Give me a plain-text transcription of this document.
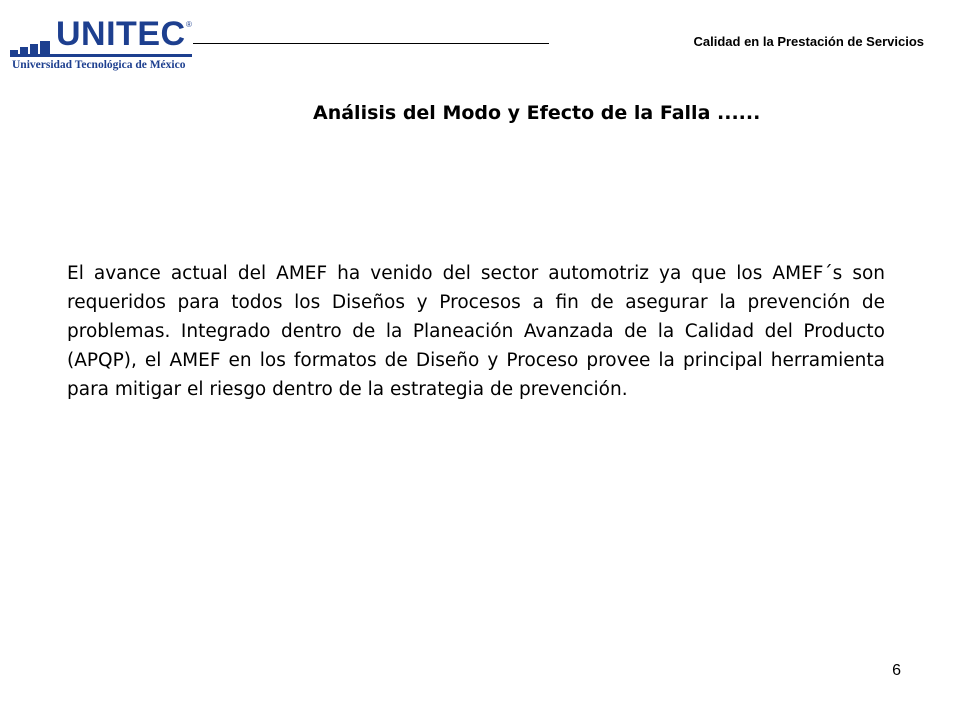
UNITEC ®
Universidad Tecnológica de México
Calidad en la Prestación de Servicios
Análisis del Modo y Efecto de la Falla ......
El avance actual del AMEF ha venido del sector automotriz ya que los AMEF´s son requeridos para todos los Diseños y Procesos a fin de asegurar la prevención de problemas. Integrado dentro de la Planeación Avanzada de la Calidad del Producto (APQP), el AMEF en los formatos de Diseño y Proceso provee la principal herramienta para mitigar el riesgo dentro de la estrategia de prevención.
6
